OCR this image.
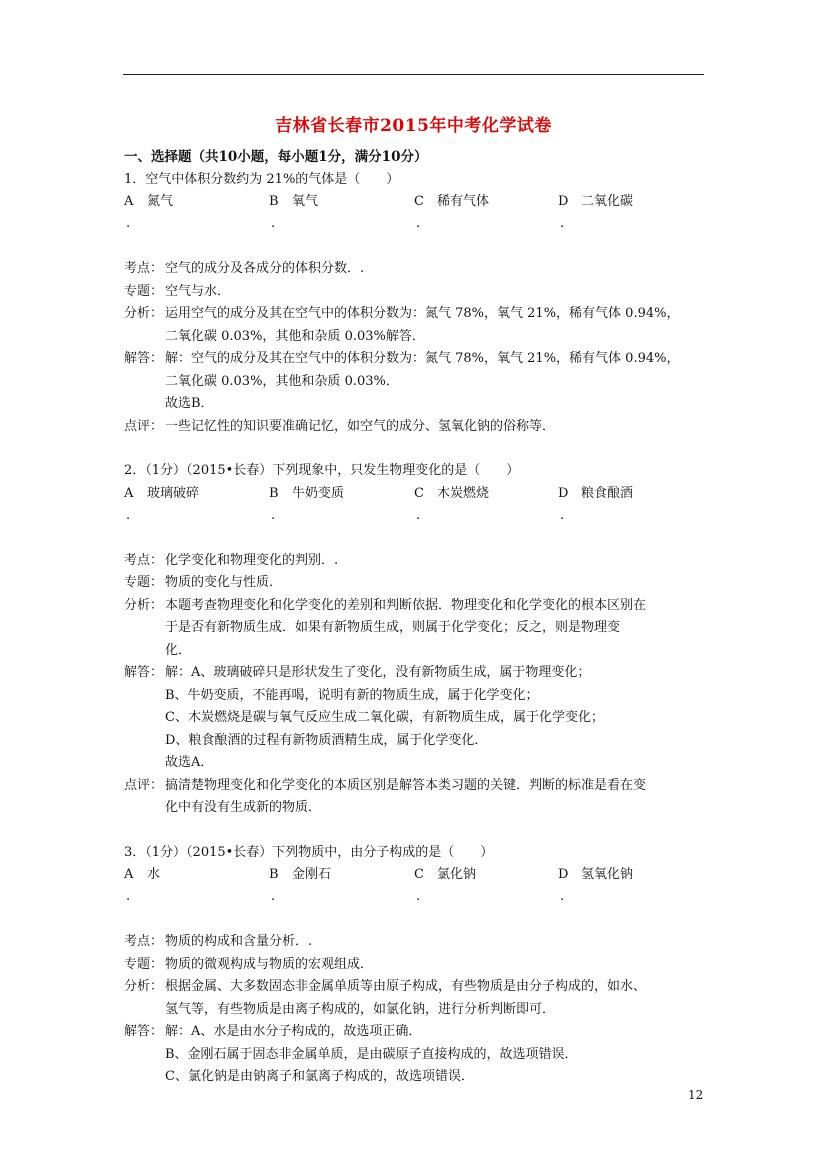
吉林省长春市2015年中考化学试卷
一、选择题（共10小题，每小题1分，满分10分）
1．空气中体积分数约为 21%的气体是（　　）
A
.
氮气	B
.
氧气	C
.
稀有气体	D
.
二氧化碳
考点： 空气的成分及各成分的体积分数．.
专题： 空气与水．
分析： 运用空气的成分及其在空气中的体积分数为：氮气 78%，氧气 21%，稀有气体 0.94%，
二氧化碳 0.03%，其他和杂质 0.03%解答．
解答： 解：空气的成分及其在空气中的体积分数为：氮气 78%，氧气 21%，稀有气体 0.94%，
二氧化碳 0.03%，其他和杂质 0.03%．
故选B．
点评： 一些记忆性的知识要准确记忆，如空气的成分、氢氧化钠的俗称等．
2．（1分）（2015•长春）下列现象中，只发生物理变化的是（　　）
A
.
玻璃破碎	B
.
牛奶变质	C
.
木炭燃烧	D
.
粮食酿酒
考点： 化学变化和物理变化的判别．.
专题： 物质的变化与性质．
分析： 本题考查物理变化和化学变化的差别和判断依据．物理变化和化学变化的根本区别在
于是否有新物质生成．如果有新物质生成，则属于化学变化；反之，则是物理变
化．
解答： 解：A、玻璃破碎只是形状发生了变化，没有新物质生成，属于物理变化；
B、牛奶变质，不能再喝，说明有新的物质生成，属于化学变化；
C、木炭燃烧是碳与氧气反应生成二氧化碳，有新物质生成，属于化学变化；
D、粮食酿酒的过程有新物质酒精生成，属于化学变化．
故选A．
点评： 搞清楚物理变化和化学变化的本质区别是解答本类习题的关键．判断的标准是看在变
化中有没有生成新的物质．
3．（1分）（2015•长春）下列物质中，由分子构成的是（　　）
A
.
水	B
.
金刚石	C
.
氯化钠	D
.
氢氧化钠
考点： 物质的构成和含量分析．.
专题： 物质的微观构成与物质的宏观组成．
分析： 根据金属、大多数固态非金属单质等由原子构成，有些物质是由分子构成的，如水、
氢气等，有些物质是由离子构成的，如氯化钠，进行分析判断即可．
解答： 解：A、水是由水分子构成的，故选项正确．
B、金刚石属于固态非金属单质，是由碳原子直接构成的，故选项错误．
C、氯化钠是由钠离子和氯离子构成的，故选项错误．
12
